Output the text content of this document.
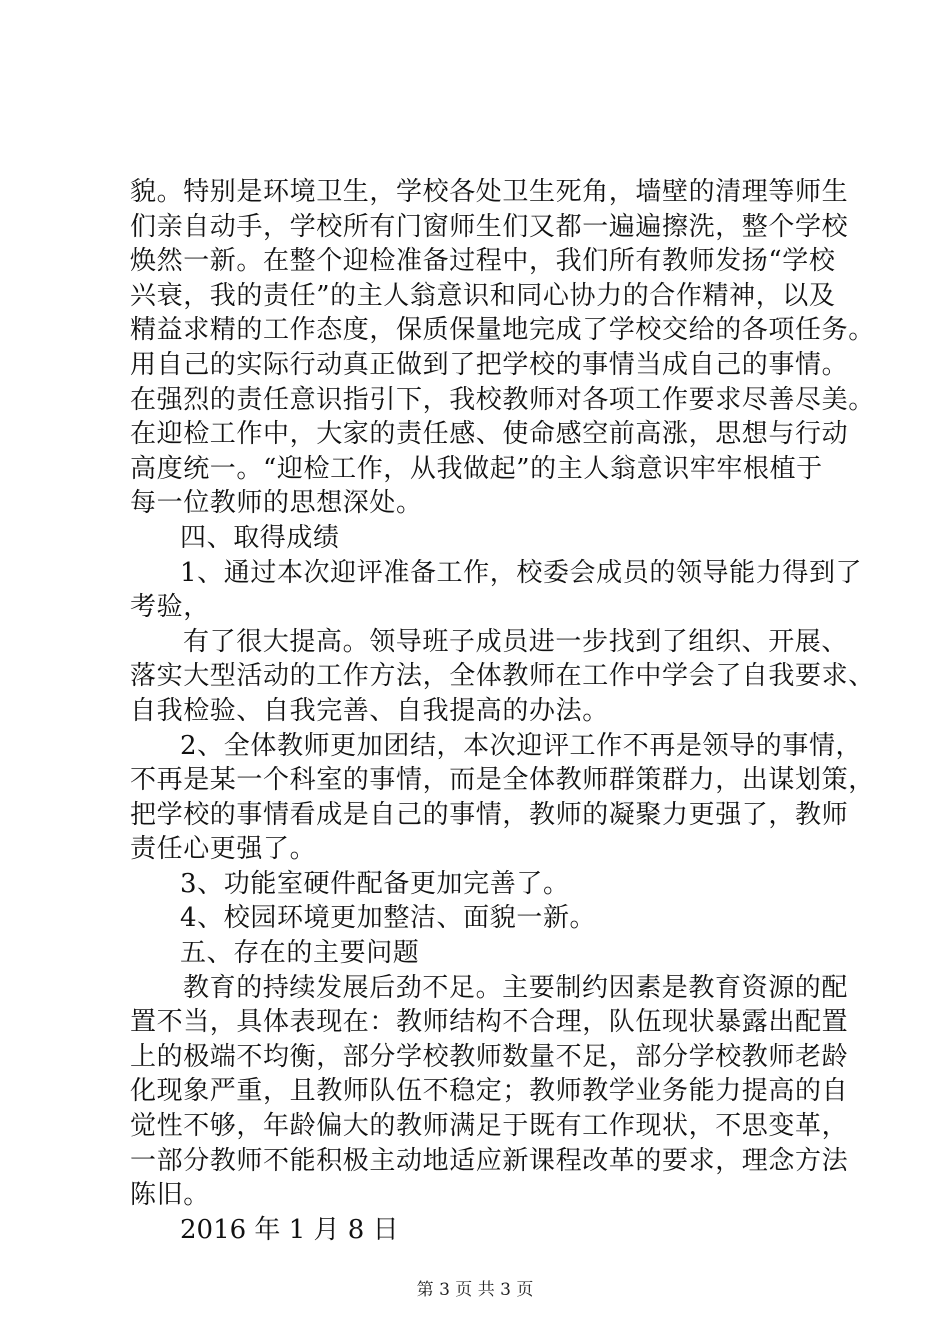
貌。特别是环境卫生，学校各处卫生死角，墙壁的清理等师生
们亲自动手，学校所有门窗师生们又都一遍遍擦洗，整个学校
焕然一新。在整个迎检准备过程中，我们所有教师发扬“学校
兴衰，我的责任”的主人翁意识和同心协力的合作精神，以及
精益求精的工作态度，保质保量地完成了学校交给的各项任务。
用自己的实际行动真正做到了把学校的事情当成自己的事情。
在强烈的责任意识指引下，我校教师对各项工作要求尽善尽美。
在迎检工作中，大家的责任感、使命感空前高涨，思想与行动
高度统一。“迎检工作，从我做起”的主人翁意识牢牢根植于
每一位教师的思想深处。
四、取得成绩
1、通过本次迎评准备工作，校委会成员的领导能力得到了
考验，
有了很大提高。领导班子成员进一步找到了组织、开展、
落实大型活动的工作方法，全体教师在工作中学会了自我要求、
自我检验、自我完善、自我提高的办法。
2、全体教师更加团结，本次迎评工作不再是领导的事情，
不再是某一个科室的事情，而是全体教师群策群力，出谋划策，
把学校的事情看成是自己的事情，教师的凝聚力更强了，教师
责任心更强了。
3、功能室硬件配备更加完善了。
4、校园环境更加整洁、面貌一新。
五、存在的主要问题
教育的持续发展后劲不足。主要制约因素是教育资源的配
置不当，具体表现在：教师结构不合理，队伍现状暴露出配置
上的极端不均衡，部分学校教师数量不足，部分学校教师老龄
化现象严重，且教师队伍不稳定；教师教学业务能力提高的自
觉性不够，年龄偏大的教师满足于既有工作现状，不思变革，
一部分教师不能积极主动地适应新课程改革的要求，理念方法
陈旧。
2016 年 1 月 8 日
第 3 页 共 3 页
